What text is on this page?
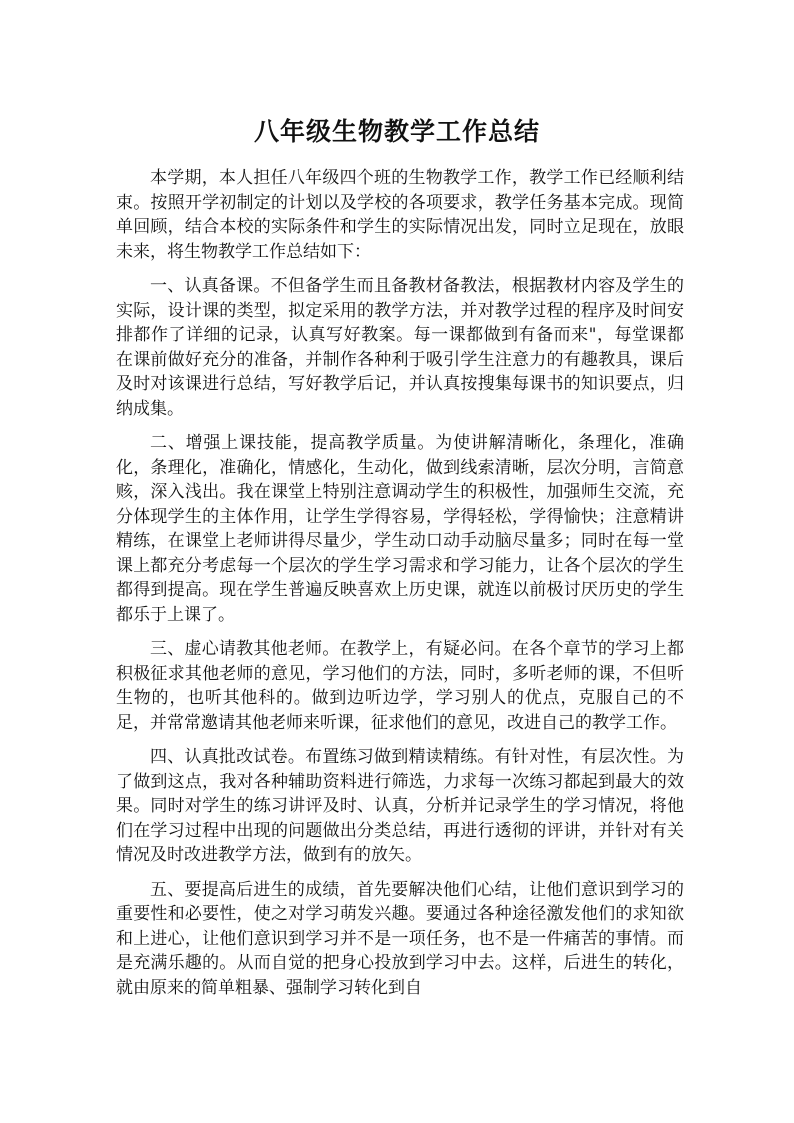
八年级生物教学工作总结

本学期，本人担任八年级四个班的生物教学工作，教学工作已经顺利结束。按照开学初制定的计划以及学校的各项要求，教学任务基本完成。现简单回顾，结合本校的实际条件和学生的实际情况出发，同时立足现在，放眼未来，将生物教学工作总结如下：

一、认真备课。不但备学生而且备教材备教法，根据教材内容及学生的实际，设计课的类型，拟定采用的教学方法，并对教学过程的程序及时间安排都作了详细的记录，认真写好教案。每一课都做到有备而来"，每堂课都在课前做好充分的准备，并制作各种利于吸引学生注意力的有趣教具，课后及时对该课进行总结，写好教学后记，并认真按搜集每课书的知识要点，归纳成集。

二、增强上课技能，提高教学质量。为使讲解清晰化，条理化，准确化，条理化，准确化，情感化，生动化，做到线索清晰，层次分明，言简意赅，深入浅出。我在课堂上特别注意调动学生的积极性，加强师生交流，充分体现学生的主体作用，让学生学得容易，学得轻松，学得愉快；注意精讲精练，在课堂上老师讲得尽量少，学生动口动手动脑尽量多；同时在每一堂课上都充分考虑每一个层次的学生学习需求和学习能力，让各个层次的学生都得到提高。现在学生普遍反映喜欢上历史课，就连以前极讨厌历史的学生都乐于上课了。

三、虚心请教其他老师。在教学上，有疑必问。在各个章节的学习上都积极征求其他老师的意见，学习他们的方法，同时，多听老师的课，不但听生物的，也听其他科的。做到边听边学，学习别人的优点，克服自己的不足，并常常邀请其他老师来听课，征求他们的意见，改进自己的教学工作。

四、认真批改试卷。布置练习做到精读精练。有针对性，有层次性。为了做到这点，我对各种辅助资料进行筛选，力求每一次练习都起到最大的效果。同时对学生的练习讲评及时、认真，分析并记录学生的学习情况，将他们在学习过程中出现的问题做出分类总结，再进行透彻的评讲，并针对有关情况及时改进教学方法，做到有的放矢。

五、要提高后进生的成绩，首先要解决他们心结，让他们意识到学习的重要性和必要性，使之对学习萌发兴趣。要通过各种途径激发他们的求知欲和上进心，让他们意识到学习并不是一项任务，也不是一件痛苦的事情。而是充满乐趣的。从而自觉的把身心投放到学习中去。这样，后进生的转化，就由原来的简单粗暴、强制学习转化到自
